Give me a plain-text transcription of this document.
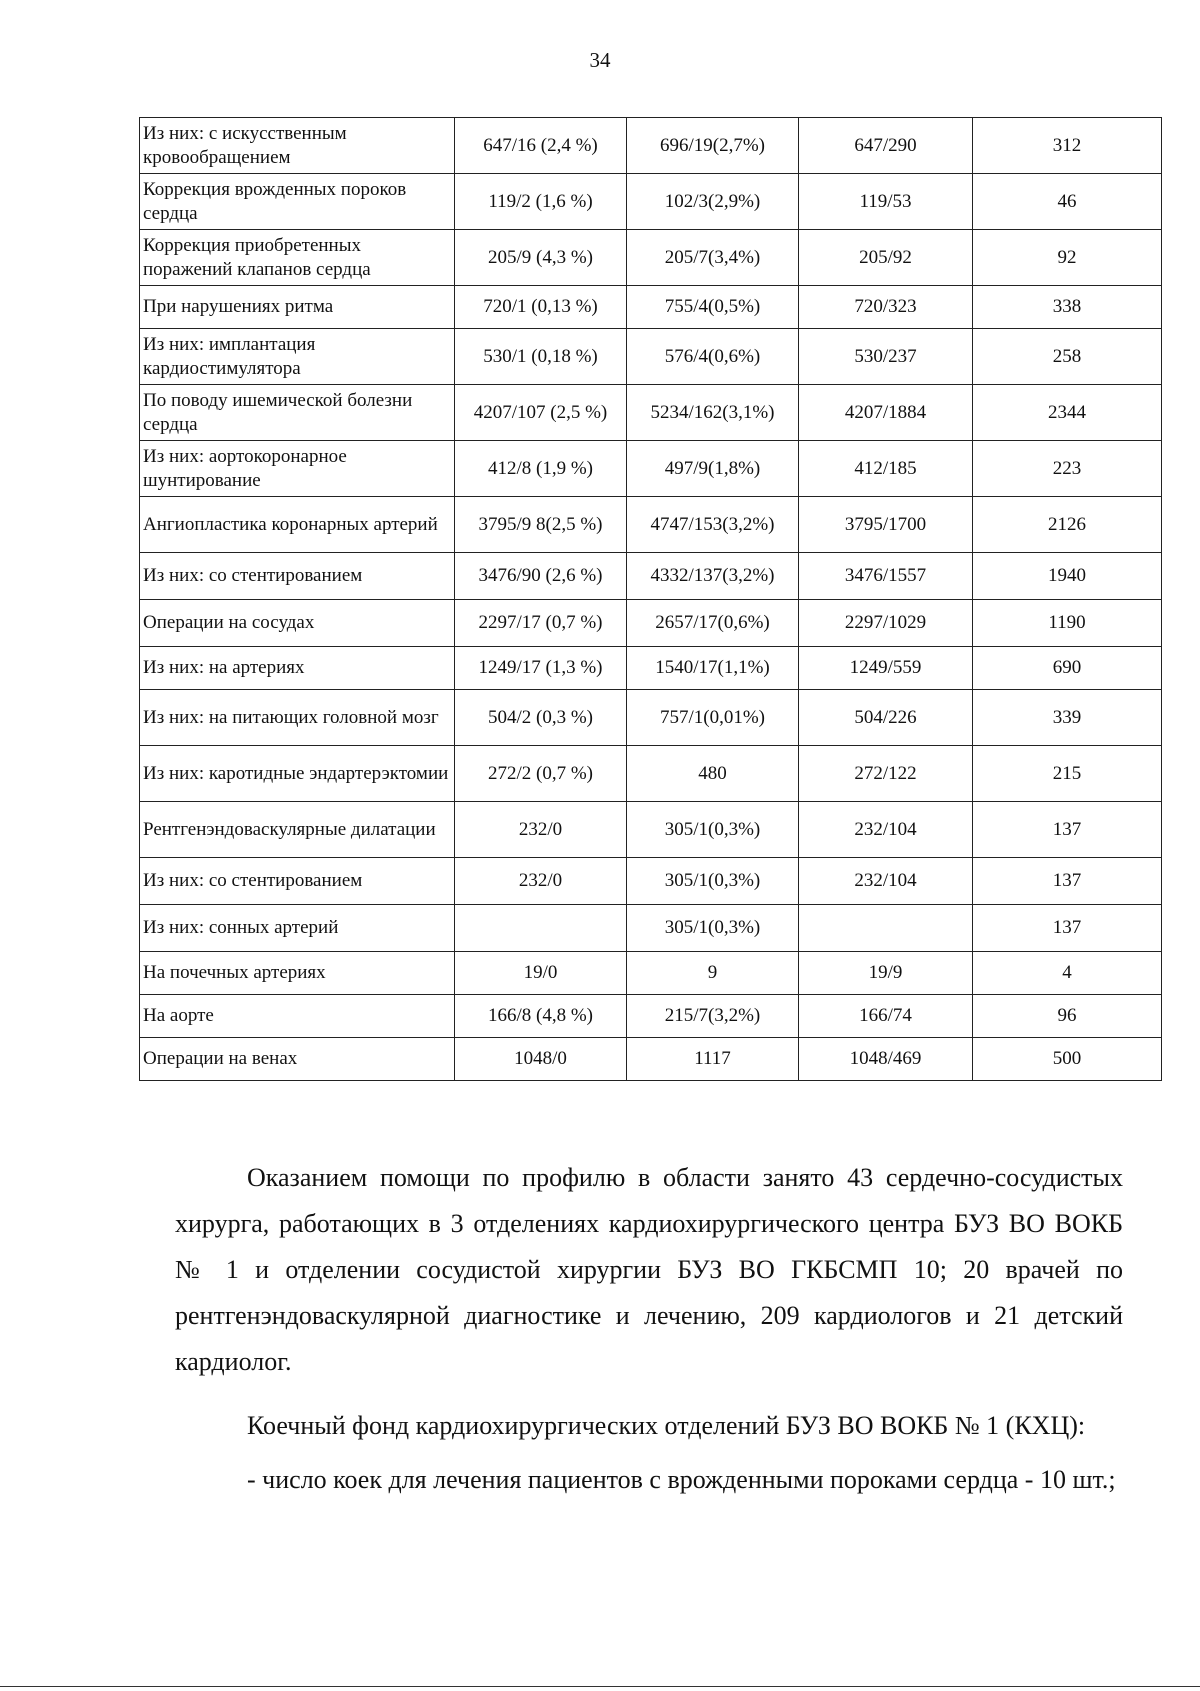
34
Из них: с искусственным кровообращением	647/16 (2,4 %)	696/19(2,7%)	647/290	312
Коррекция врожденных пороков сердца	119/2 (1,6 %)	102/3(2,9%)	119/53	46
Коррекция приобретенных поражений клапанов сердца	205/9 (4,3 %)	205/7(3,4%)	205/92	92
При нарушениях ритма	720/1 (0,13 %)	755/4(0,5%)	720/323	338
Из них: имплантация кардиостимулятора	530/1 (0,18 %)	576/4(0,6%)	530/237	258
По поводу ишемической болезни сердца	4207/107 (2,5 %)	5234/162(3,1%)	4207/1884	2344
Из них: аортокоронарное шунтирование	412/8 (1,9 %)	497/9(1,8%)	412/185	223
Ангиопластика коронарных артерий	3795/9 8(2,5 %)	4747/153(3,2%)	3795/1700	2126
Из них: со стентированием	3476/90 (2,6 %)	4332/137(3,2%)	3476/1557	1940
Операции на сосудах	2297/17 (0,7 %)	2657/17(0,6%)	2297/1029	1190
Из них: на артериях	1249/17 (1,3 %)	1540/17(1,1%)	1249/559	690
Из них: на питающих головной мозг	504/2 (0,3 %)	757/1(0,01%)	504/226	339
Из них: каротидные эндартерэктомии	272/2 (0,7 %)	480	272/122	215
Рентгенэндоваскулярные дилатации	232/0	305/1(0,3%)	232/104	137
Из них: со стентированием	232/0	305/1(0,3%)	232/104	137
Из них: сонных артерий		305/1(0,3%)		137
На почечных артериях	19/0	9	19/9	4
На аорте	166/8 (4,8 %)	215/7(3,2%)	166/74	96
Операции на венах	1048/0	1117	1048/469	500

Оказанием помощи по профилю в области занято 43 сердечно-сосудистых хирурга, работающих в 3 отделениях кардиохирургического центра БУЗ ВО ВОКБ № 1 и отделении сосудистой хирургии БУЗ ВО ГКБСМП 10; 20 врачей по рентгенэндоваскулярной диагностике и лечению, 209 кардиологов и 21 детский кардиолог.

Коечный фонд кардиохирургических отделений БУЗ ВО ВОКБ № 1 (КХЦ):

- число коек для лечения пациентов с врожденными пороками сердца - 10 шт.;
